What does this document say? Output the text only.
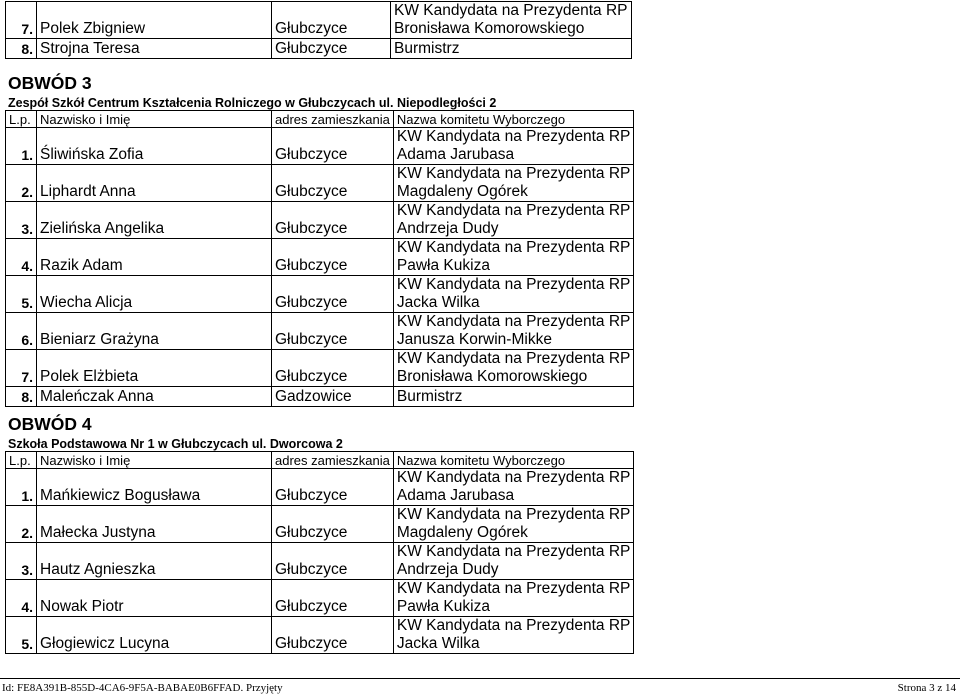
7.	Polek Zbigniew	Głubczyce	KW Kandydata na Prezydenta RP
Bronisława Komorowskiego

8.	Strojna Teresa	Głubczyce	Burmistrz
OBWÓD 3
Zespół Szkół Centrum Kształcenia Rolniczego w Głubczycach ul. Niepodległości 2
L.p.	Nazwisko i Imię	adres zamieszkania	Nazwa komitetu Wyborczego
1.	Śliwińska Zofia	Głubczyce	KW Kandydata na Prezydenta RP
Adama Jarubasa

2.	Liphardt Anna	Głubczyce	KW Kandydata na Prezydenta RP
Magdaleny Ogórek

3.	Zielińska Angelika	Głubczyce	KW Kandydata na Prezydenta RP
Andrzeja Dudy

4.	Razik Adam	Głubczyce	KW Kandydata na Prezydenta RP
Pawła Kukiza

5.	Wiecha Alicja	Głubczyce	KW Kandydata na Prezydenta RP
Jacka Wilka

6.	Bieniarz Grażyna	Głubczyce	KW Kandydata na Prezydenta RP
Janusza Korwin-Mikke

7.	Polek Elżbieta	Głubczyce	KW Kandydata na Prezydenta RP
Bronisława Komorowskiego

8.	Maleńczak Anna	Gadzowice	Burmistrz
OBWÓD 4
Szkoła Podstawowa Nr 1 w Głubczycach ul. Dworcowa 2
L.p.	Nazwisko i Imię	adres zamieszkania	Nazwa komitetu Wyborczego
1.	Mańkiewicz Bogusława	Głubczyce	KW Kandydata na Prezydenta RP
Adama Jarubasa

2.	Małecka Justyna	Głubczyce	KW Kandydata na Prezydenta RP
Magdaleny Ogórek

3.	Hautz Agnieszka	Głubczyce	KW Kandydata na Prezydenta RP
Andrzeja Dudy

4.	Nowak Piotr	Głubczyce	KW Kandydata na Prezydenta RP
Pawła Kukiza

5.	Głogiewicz Lucyna	Głubczyce	KW Kandydata na Prezydenta RP
Jacka Wilka
Id: FE8A391B-855D-4CA6-9F5A-BABAE0B6FFAD. Przyjęty	Strona 3 z 14
